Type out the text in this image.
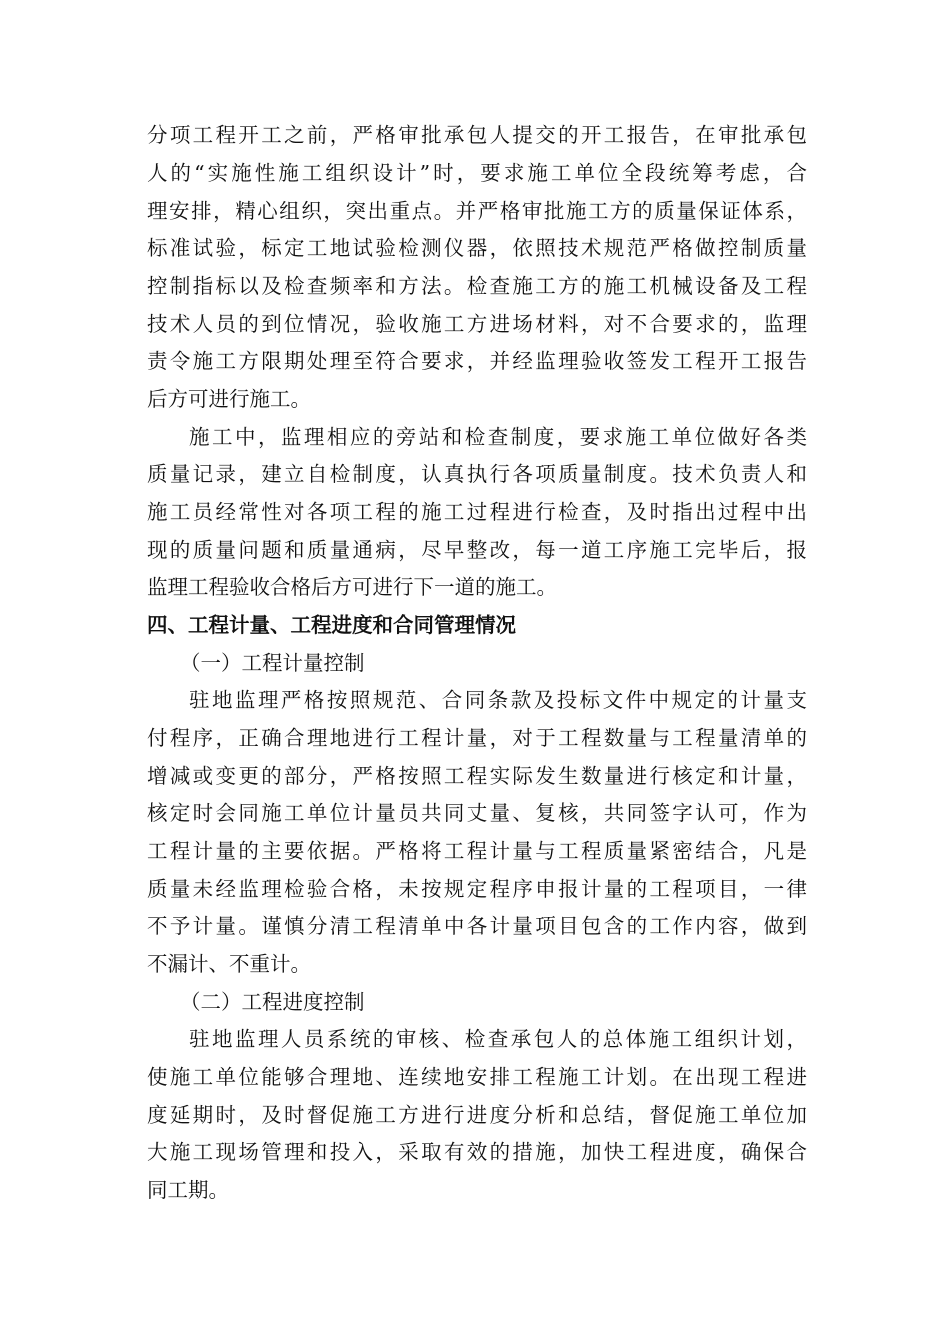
分项工程开工之前，严格审批承包人提交的开工报告，在审批承包
人的“实施性施工组织设计”时，要求施工单位全段统筹考虑，合
理安排，精心组织，突出重点。并严格审批施工方的质量保证体系，
标准试验，标定工地试验检测仪器，依照技术规范严格做控制质量
控制指标以及检查频率和方法。检查施工方的施工机械设备及工程
技术人员的到位情况，验收施工方进场材料，对不合要求的，监理
责令施工方限期处理至符合要求，并经监理验收签发工程开工报告
后方可进行施工。
施工中，监理相应的旁站和检查制度，要求施工单位做好各类
质量记录，建立自检制度，认真执行各项质量制度。技术负责人和
施工员经常性对各项工程的施工过程进行检查，及时指出过程中出
现的质量问题和质量通病，尽早整改，每一道工序施工完毕后，报
监理工程验收合格后方可进行下一道的施工。
四、工程计量、工程进度和合同管理情况
（一）工程计量控制
驻地监理严格按照规范、合同条款及投标文件中规定的计量支
付程序，正确合理地进行工程计量，对于工程数量与工程量清单的
增减或变更的部分，严格按照工程实际发生数量进行核定和计量，
核定时会同施工单位计量员共同丈量、复核，共同签字认可，作为
工程计量的主要依据。严格将工程计量与工程质量紧密结合，凡是
质量未经监理检验合格，未按规定程序申报计量的工程项目，一律
不予计量。谨慎分清工程清单中各计量项目包含的工作内容，做到
不漏计、不重计。
（二）工程进度控制
驻地监理人员系统的审核、检查承包人的总体施工组织计划，
使施工单位能够合理地、连续地安排工程施工计划。在出现工程进
度延期时，及时督促施工方进行进度分析和总结，督促施工单位加
大施工现场管理和投入，采取有效的措施，加快工程进度，确保合
同工期。
